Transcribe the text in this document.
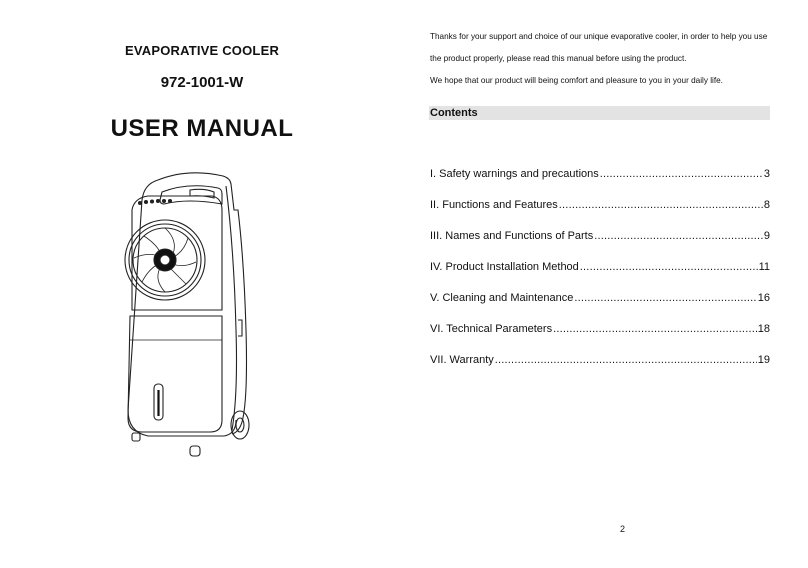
EVAPORATIVE COOLER
972-1001-W
USER MANUAL

Thanks for your support and choice of our unique evaporative cooler, in order to help you use

the product properly, please read this manual before using the product.

We hope that our product will being comfort and pleasure to you in your daily life.

Contents
I. Safety warnings and precautions .....	3
II. Functions and Features .....	8
III. Names and Functions of Parts .....	9
IV. Product Installation Method .....	11
V. Cleaning and Maintenance .....	16
VI. Technical Parameters .....	18
VII. Warranty .....	19
2
